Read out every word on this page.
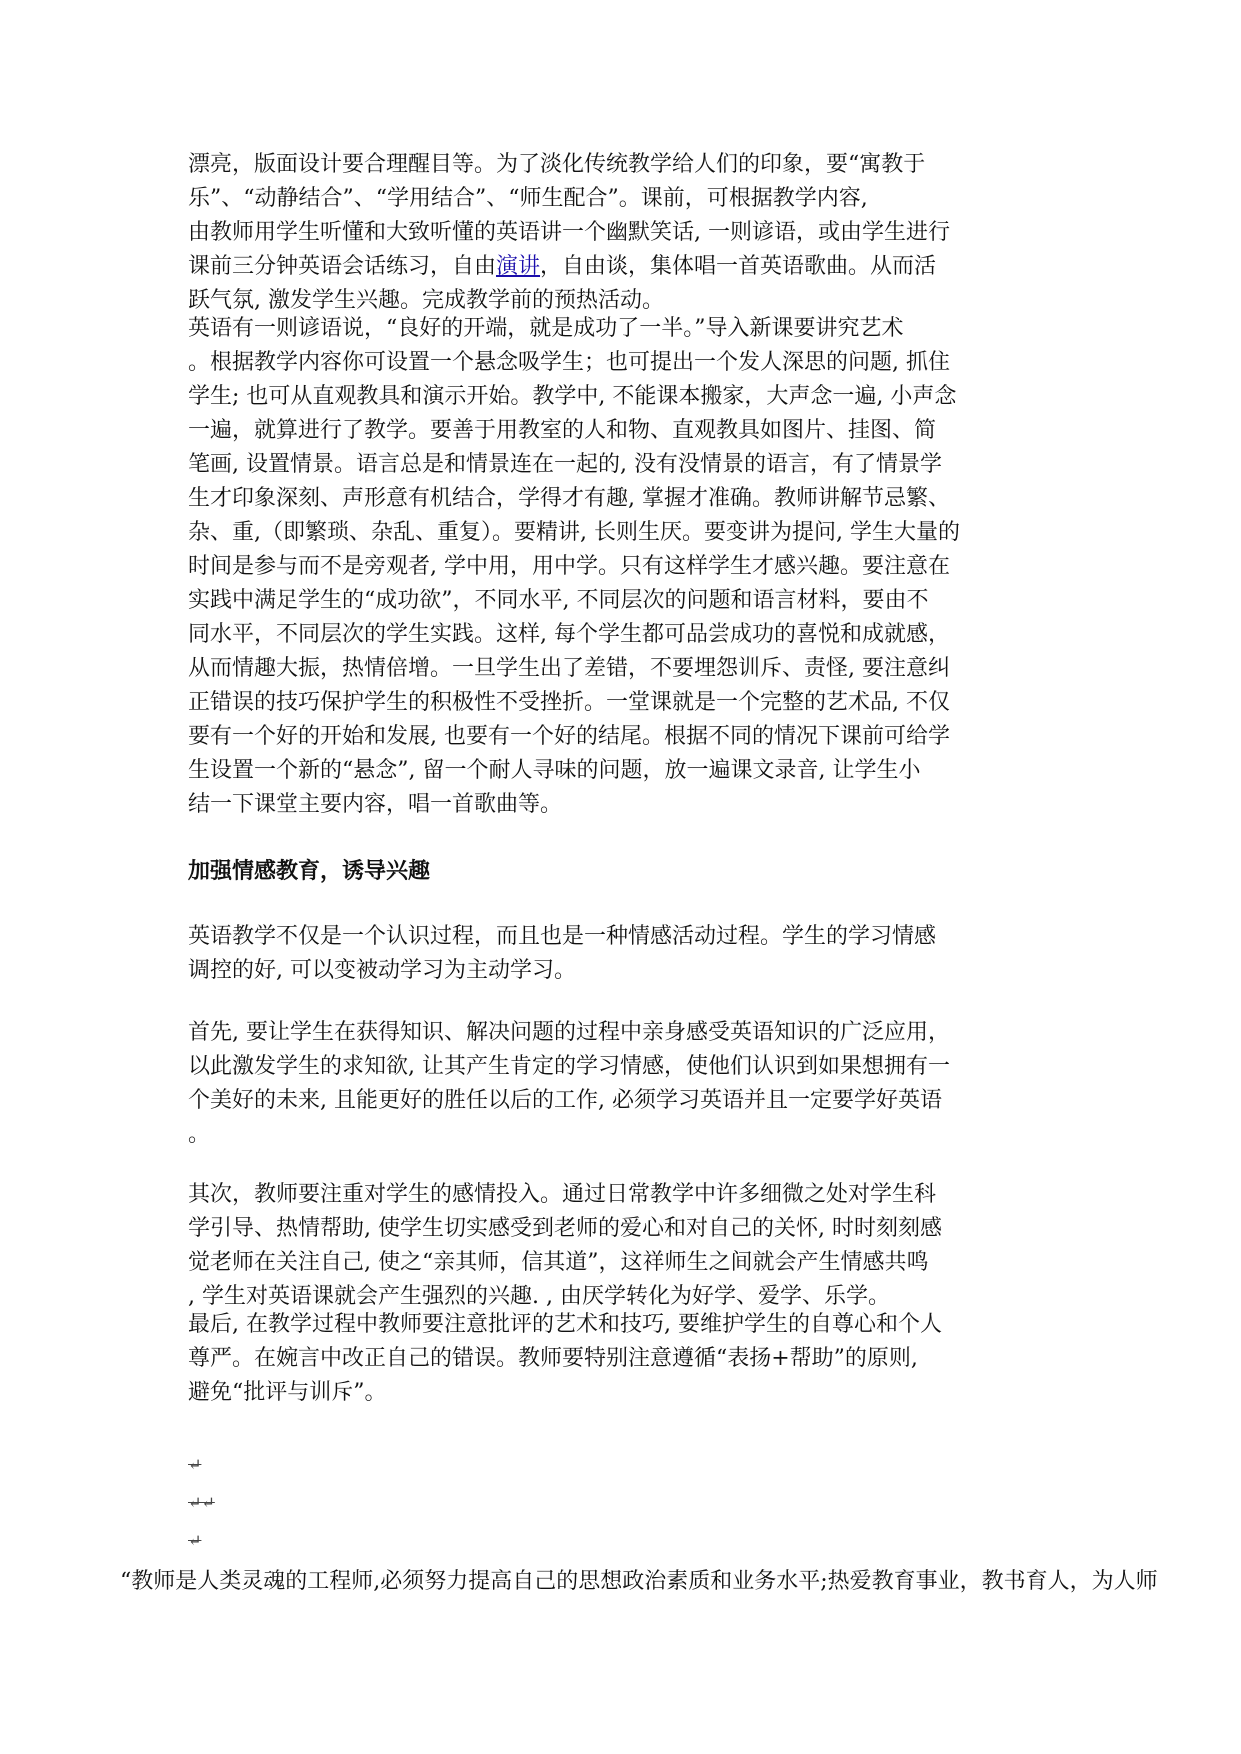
漂亮，版面设计要合理醒目等。为了淡化传统教学给人们的印象，要“寓教于
乐”、“动静结合”、“学用结合”、“师生配合”。课前，可根据教学内容,
由教师用学生听懂和大致听懂的英语讲一个幽默笑话, 一则谚语，或由学生进行
课前三分钟英语会话练习，自由演讲，自由谈，集体唱一首英语歌曲。从而活
跃气氛, 激发学生兴趣。完成教学前的预热活动。
英语有一则谚语说，“良好的开端，就是成功了一半。”导入新课要讲究艺术
。根据教学内容你可设置一个悬念吸学生；也可提出一个发人深思的问题, 抓住
学生; 也可从直观教具和演示开始。教学中, 不能课本搬家，大声念一遍, 小声念
一遍，就算进行了教学。要善于用教室的人和物、直观教具如图片、挂图、简
笔画, 设置情景。语言总是和情景连在一起的, 没有没情景的语言，有了情景学
生才印象深刻、声形意有机结合，学得才有趣, 掌握才准确。教师讲解节忌繁、
杂、重,（即繁琐、杂乱、重复）。要精讲, 长则生厌。要变讲为提问, 学生大量的
时间是参与而不是旁观者, 学中用，用中学。只有这样学生才感兴趣。要注意在
实践中满足学生的“成功欲”，不同水平, 不同层次的问题和语言材料，要由不
同水平，不同层次的学生实践。这样, 每个学生都可品尝成功的喜悦和成就感，
从而情趣大振，热情倍增。一旦学生出了差错，不要埋怨训斥、责怪, 要注意纠
正错误的技巧保护学生的积极性不受挫折。一堂课就是一个完整的艺术品, 不仅
要有一个好的开始和发展, 也要有一个好的结尾。根据不同的情况下课前可给学
生设置一个新的“悬念”, 留一个耐人寻味的问题，放一遍课文录音, 让学生小
结一下课堂主要内容，唱一首歌曲等。
加强情感教育，诱导兴趣
英语教学不仅是一个认识过程，而且也是一种情感活动过程。学生的学习情感
调控的好, 可以变被动学习为主动学习。
首先, 要让学生在获得知识、解决问题的过程中亲身感受英语知识的广泛应用，
以此激发学生的求知欲, 让其产生肯定的学习情感，使他们认识到如果想拥有一
个美好的未来, 且能更好的胜任以后的工作, 必须学习英语并且一定要学好英语
。
其次，教师要注重对学生的感情投入。通过日常教学中许多细微之处对学生科
学引导、热情帮助, 使学生切实感受到老师的爱心和对自己的关怀, 时时刻刻感
觉老师在关注自己, 使之“亲其师，信其道”，这祥师生之间就会产生情感共鸣
, 学生对英语课就会产生强烈的兴趣. , 由厌学转化为好学、爱学、乐学。
最后, 在教学过程中教师要注意批评的艺术和技巧, 要维护学生的自尊心和个人
尊严。在婉言中改正自己的错误。教师要特别注意遵循“表扬+帮助”的原则,
避免“批评与训斥”。
↵
↵↵
↵
“教师是人类灵魂的工程师,必须努力提高自己的思想政治素质和业务水平;热爱教育事业，教书育人，为人师
